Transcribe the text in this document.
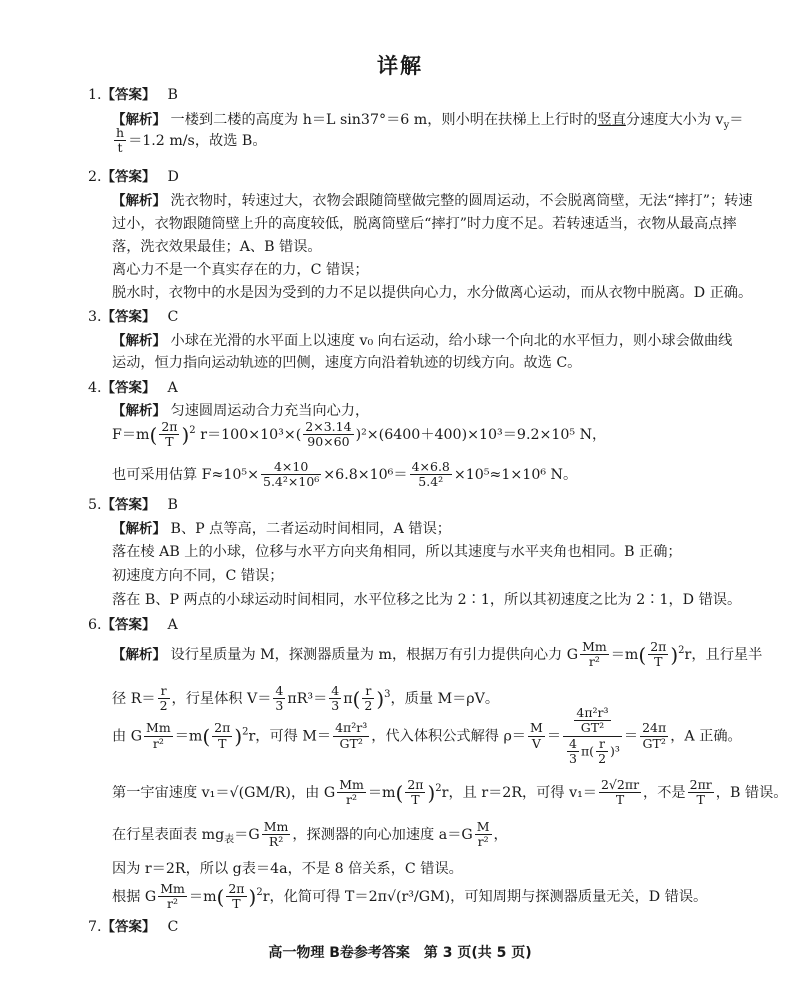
详解
1.【答案】 B
【解析】 一楼到二楼的高度为 h＝L sin37°＝6 m，则小明在扶梯上上行时的竖直分速度大小为 $v_y=$
$\frac{h}{t} =1.2$ m/s，故选 B。
2.【答案】 D
【解析】 洗衣物时，转速过大，衣物会跟随筒壁做完整的圆周运动，不会脱离筒壁，无法“摔打”；转速
过小，衣物跟随筒壁上升的高度较低，脱离筒壁后“摔打”时力度不足。若转速适当，衣物从最高点摔
落，洗衣效果最佳；A、B 错误。
离心力不是一个真实存在的力，C 错误；
脱水时，衣物中的水是因为受到的力不足以提供向心力，水分做离心运动，而从衣物中脱离。D 正确。
3.【答案】 C
【解析】 小球在光滑的水平面上以速度 v₀ 向右运动，给小球一个向北的水平恒力，则小球会做曲线
运动，恒力指向运动轨迹的凹侧，速度方向沿着轨迹的切线方向。故选 C。
4.【答案】 A
【解析】 匀速圆周运动合力充当向心力，
$F=m( \frac{2\pi}{T} )^2$ $r=100\times 10^3\times( \frac{2\times 3.14}{90\times 60} )^2\times(6400+400)\times 10^3=9.2\times 10^5$ N，
也可采用估算 $F\approx 10^5\times \frac{4\times 10}{\text{5.4²×10⁶}} \times 6.8\times 10^6= \frac{4\times 6.8}{\text{5.4²}} \times 10^5\approx 1\times 10^6$ N。
5.【答案】 B
【解析】 B、P 点等高，二者运动时间相同，A 错误；
落在棱 AB 上的小球，位移与水平方向夹角相同，所以其速度与水平夹角也相同。B 正确；
初速度方向不同，C 错误；
落在 B、P 两点的小球运动时间相同，水平位移之比为 2∶1，所以其初速度之比为 2∶1，D 错误。
6.【答案】 A
【解析】 设行星质量为 M，探测器质量为 m，根据万有引力提供向心力 G $\frac{Mm}{\text{r²}} =m( \frac{2\pi}{T} )^2r$，且行星半
径 $R= \frac{r}{2}$ ，行星体积 $V= \frac{4}{3} \pi R^3= \frac{4}{3} \pi( \frac{r}{2} )^3$，质量 M＝ρV。
由 G $\frac{Mm}{\text{r²}} =m( \frac{2\pi}{T} )^2r$，可得 $M= \frac{\text{4π²r³}}{\text{GT²}}$ ，代入体积公式解得 $\rho= \frac{M}{V} = \frac{\frac{\text{4π²r³}}{\text{GT²}}}{\frac{4}{3} \pi( \frac{r}{2} )^3} = \frac{24\pi}{\text{GT²}}$ ，A 正确。
第一宇宙速度 v₁＝√(GM/R)，由 G $\frac{Mm}{\text{r²}} =m( \frac{2\pi}{T} )^2r$，且 r＝2R，可得 $v_1= \frac{2√2\pi r}{T}$ ，不是 $\frac{2\pi r}{T}$ ，B 错误。
在行星表面表 $mg_表=G \frac{Mm}{\text{R²}}$ ，探测器的向心加速度 $a=G \frac{M}{\text{r²}}$ ，
因为 r＝2R，所以 g表＝4a，不是 8 倍关系，C 错误。
根据 G $\frac{Mm}{\text{r²}} =m( \frac{2\pi}{T} )^2r$，化简可得 T＝2π√(r³/GM)，可知周期与探测器质量无关，D 错误。
7.【答案】 C
高一物理 B卷参考答案　第 3 页(共 5 页)
